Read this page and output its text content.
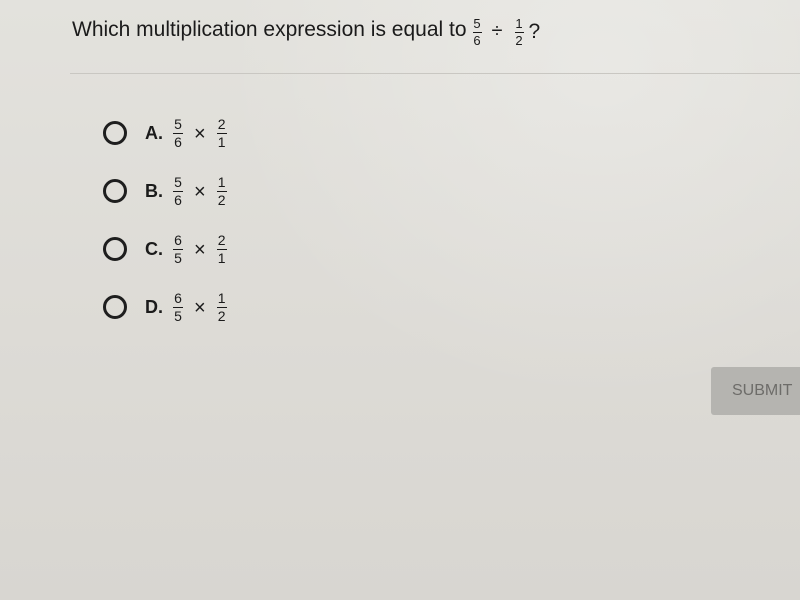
Which multiplication expression is equal to $\frac{5}{6} \div \frac{1}{2}$ ?
A. $\frac{5}{6} \times \frac{2}{1}$
B. $\frac{5}{6} \times \frac{1}{2}$
C. $\frac{6}{5} \times \frac{2}{1}$
D. $\frac{6}{5} \times \frac{1}{2}$
SUBMIT
